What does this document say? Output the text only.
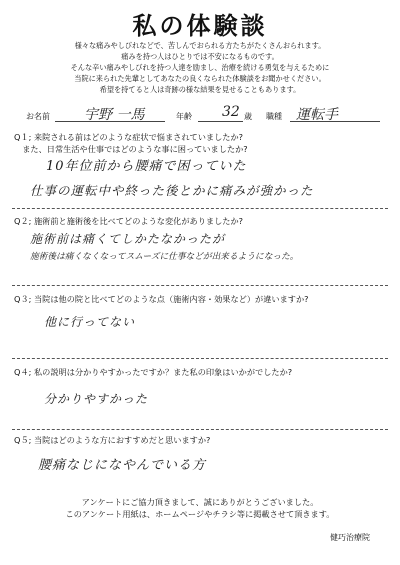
私の体験談
様々な痛みやしびれなどで、苦しんでおられる方たちがたくさんおられます。
痛みを持つ人はひとりでは不安になるものです。
そんな辛い痛みやしびれを持つ人達を励まし、治療を続ける勇気を与えるために
当院に来られた先輩としてあなたの良くなられた体験談をお聞かせください。
希望を持てると人は奇跡の様な結果を見せることもあります。
お名前 宇野 一馬	年齢 32 歳 職種 運転手
Q１; 来院される前はどのような症状で悩まされていましたか?
　また、日常生活や仕事ではどのような事に困っていましたか?
10年位前から腰痛で困っていた
仕事の運転中や終った後とかに痛みが強かった
Q２; 施術前と施術後を比べてどのような変化がありましたか?
施術前は痛くてしかたなかったが
施術後は痛くなくなってスムーズに仕事などが出来るようになった。
Q３; 当院は他の院と比べてどのような点（施術内容・効果など）が違いますか?
他に行ってない
Q４; 私の説明は分かりやすかったですか？また私の印象はいかがでしたか?
分かりやすかった
Q５; 当院はどのような方におすすめだと思いますか?
腰痛なじになやんでいる方
アンケートにご協力頂きまして、誠にありがとうございました。
このアンケート用紙は、ホームページやチラシ等に掲載させて頂きます。
健巧治療院
